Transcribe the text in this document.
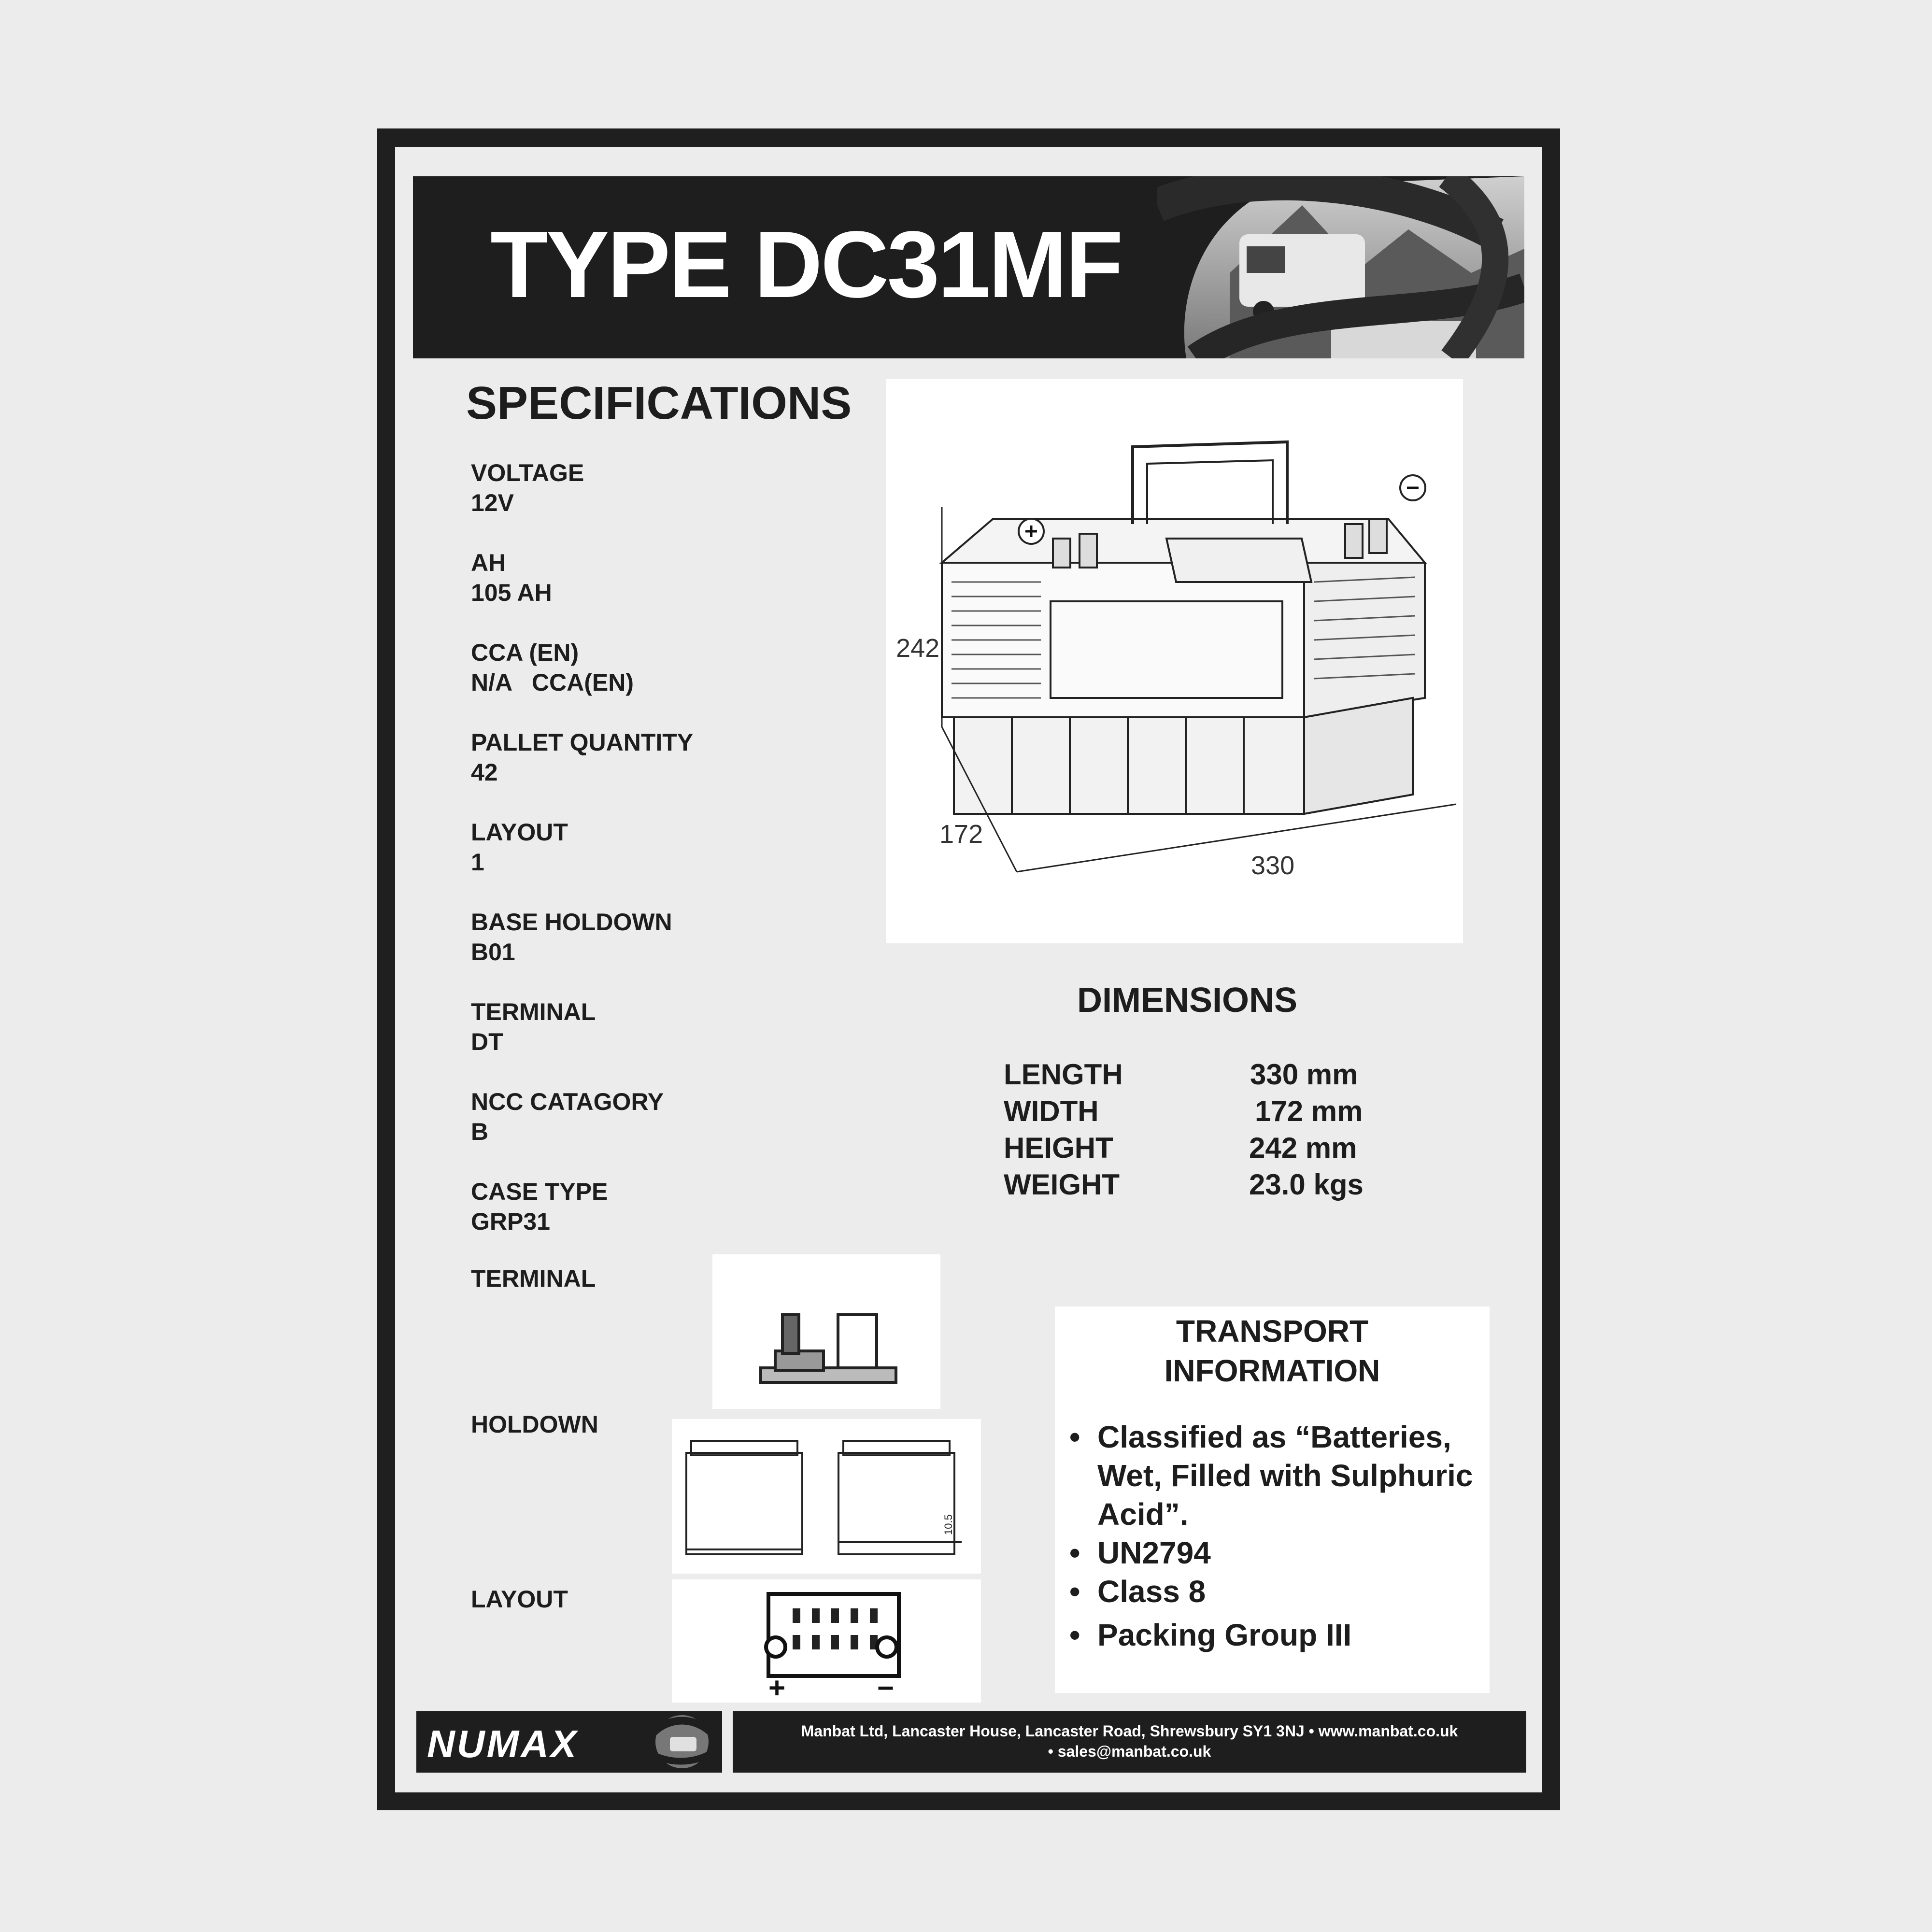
TYPE DC31MF
SPECIFICATIONS
VOLTAGE
12V
AH
105 AH
CCA (EN)
N/A   CCA(EN)
PALLET QUANTITY
42
LAYOUT
1
BASE HOLDOWN
B01
TERMINAL
DT
NCC CATAGORY
B
CASE TYPE
GRP31
TERMINAL
HOLDOWN
LAYOUT
242
172
330
DIMENSIONS
LENGTH	330 mm
WIDTH	172 mm
HEIGHT	242 mm
WEIGHT	23.0 kgs
10.5
+	−
TRANSPORT
INFORMATION
• Classified as “Batteries, Wet, Filled with Sulphuric Acid”.
• UN2794
• Class 8
• Packing Group III
NUMAX	Manbat Ltd, Lancaster House, Lancaster Road, Shrewsbury SY1 3NJ • www.manbat.co.uk
• sales@manbat.co.uk
